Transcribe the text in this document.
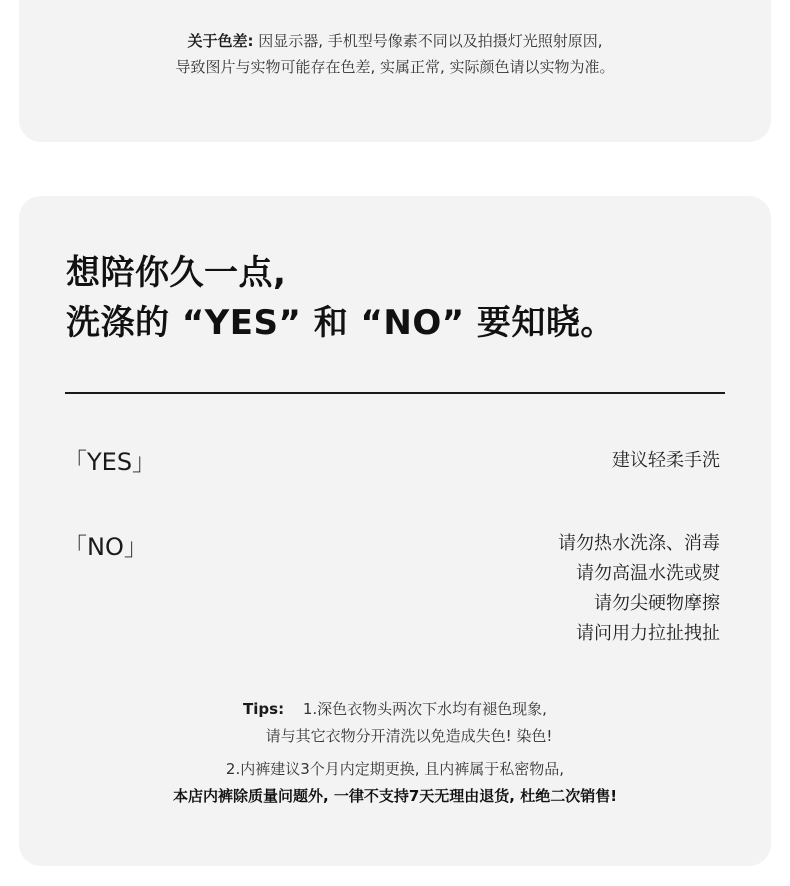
关于色差: 因显示器, 手机型号像素不同以及拍摄灯光照射原因,
导致图片与实物可能存在色差, 实属正常, 实际颜色请以实物为准。
想陪你久一点,
洗涤的 “YES” 和 “NO” 要知晓。
「YES」	建议轻柔手洗
「NO」	请勿热水洗涤、消毒
请勿高温水洗或熨
请勿尖硬物摩擦
请问用力拉扯拽扯
Tips: 1.深色衣物头两次下水均有褪色现象,
请与其它衣物分开清洗以免造成失色! 染色!
2.内裤建议3个月内定期更换, 且内裤属于私密物品,
本店内裤除质量问题外, 一律不支持7天无理由退货, 杜绝二次销售!
